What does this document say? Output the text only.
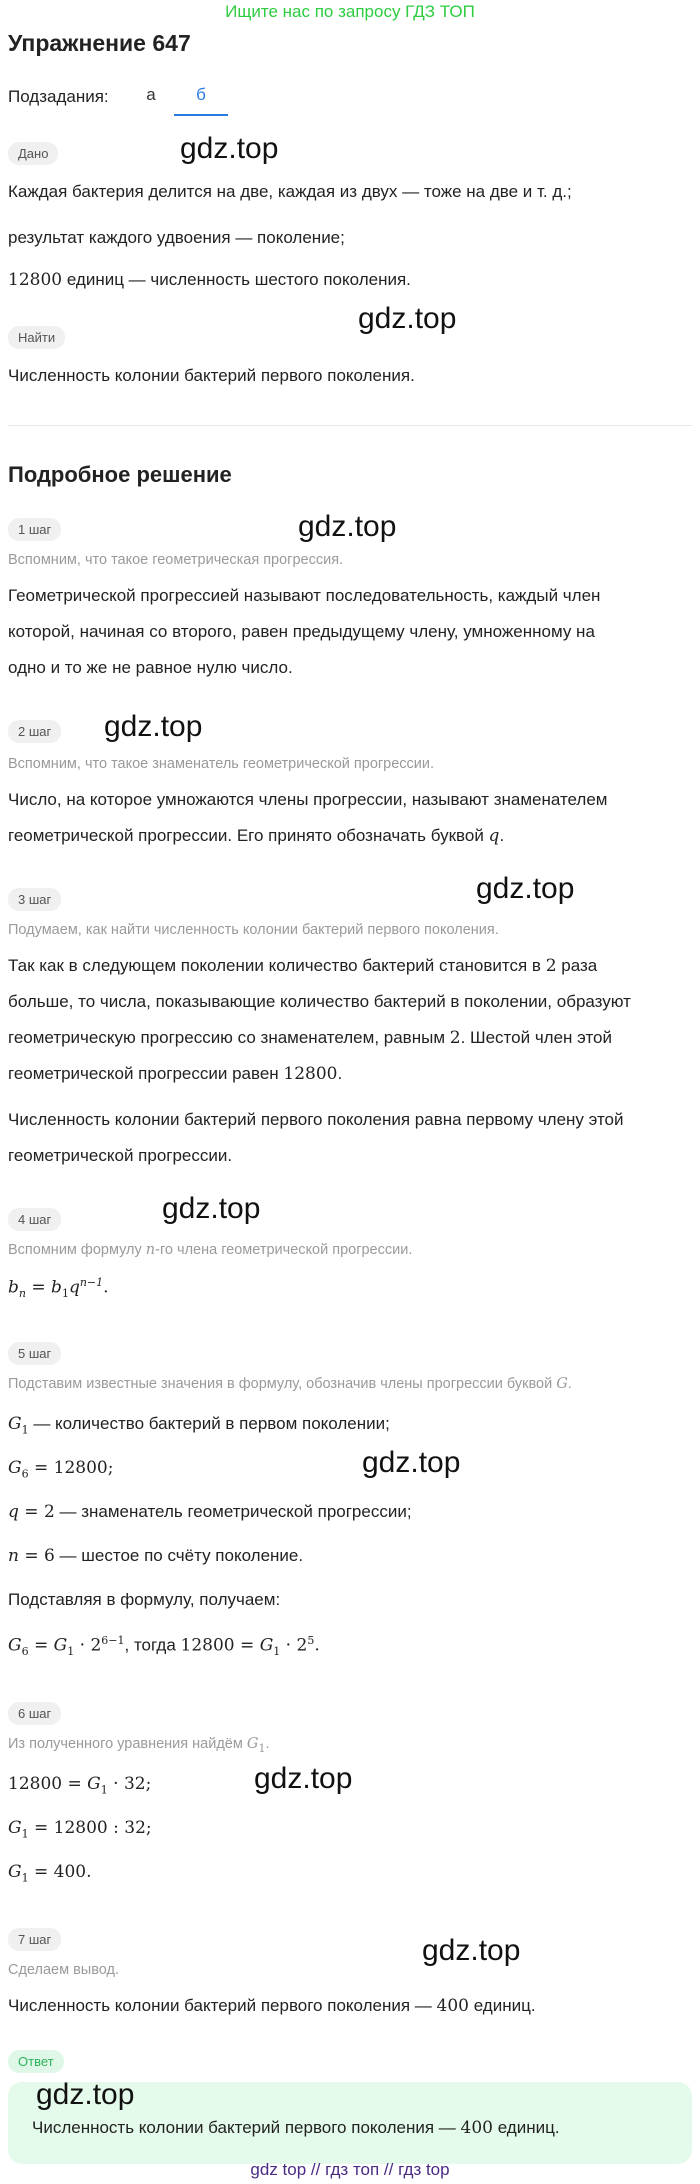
Ищите нас по запросу ГДЗ ТОП
Упражнение 647
Подзадания:	а	б
Дано	gdz.top
Каждая бактерия делится на две, каждая из двух — тоже на две и т. д.;
результат каждого удвоения — поколение;
12800 единиц — численность шестого поколения.
Найти
gdz.top
Численность колонии бактерий первого поколения.
Подробное решение
1 шаг	gdz.top
Вспомним, что такое геометрическая прогрессия.
Геометрической прогрессией называют последовательность, каждый член
которой, начиная со второго, равен предыдущему члену, умноженному на
одно и то же не равное нулю число.
2 шаг	gdz.top
Вспомним, что такое знаменатель геометрической прогрессии.
Число, на которое умножаются члены прогрессии, называют знаменателем
геометрической прогрессии. Его принято обозначать буквой q.
3 шаг	gdz.top
Подумаем, как найти численность колонии бактерий первого поколения.
Так как в следующем поколении количество бактерий становится в 2 раза
больше, то числа, показывающие количество бактерий в поколении, образуют
геометрическую прогрессию со знаменателем, равным 2. Шестой член этой
геометрической прогрессии равен 12800.
Численность колонии бактерий первого поколения равна первому члену этой
геометрической прогрессии.
4 шаг	gdz.top
Вспомним формулу n-го члена геометрической прогрессии.
$b_n = b_1q^{n-1}$.
5 шаг
Подставим известные значения в формулу, обозначив члены прогрессии буквой G.
$G_1$ — количество бактерий в первом поколении;
$G_6 = 12800$;	gdz.top
q = 2 — знаменатель геометрической прогрессии;
n = 6 — шестое по счёту поколение.
Подставляя в формулу, получаем:
$G_6 = G_1 \cdot 2^{6-1}$, тогда $12800 = G_1 \cdot 2^5$.
6 шаг
Из полученного уравнения найдём $G_1$.
gdz.top
$12800 = G_1 \cdot 32$;
$G_1 = 12800$ : 32;
$G_1 = 400$.
7 шаг	gdz.top
Сделаем вывод.
Численность колонии бактерий первого поколения — 400 единиц.
Ответ
gdz.top
Численность колонии бактерий первого поколения — 400 единиц.
gdz top // гдз топ // гдз top
